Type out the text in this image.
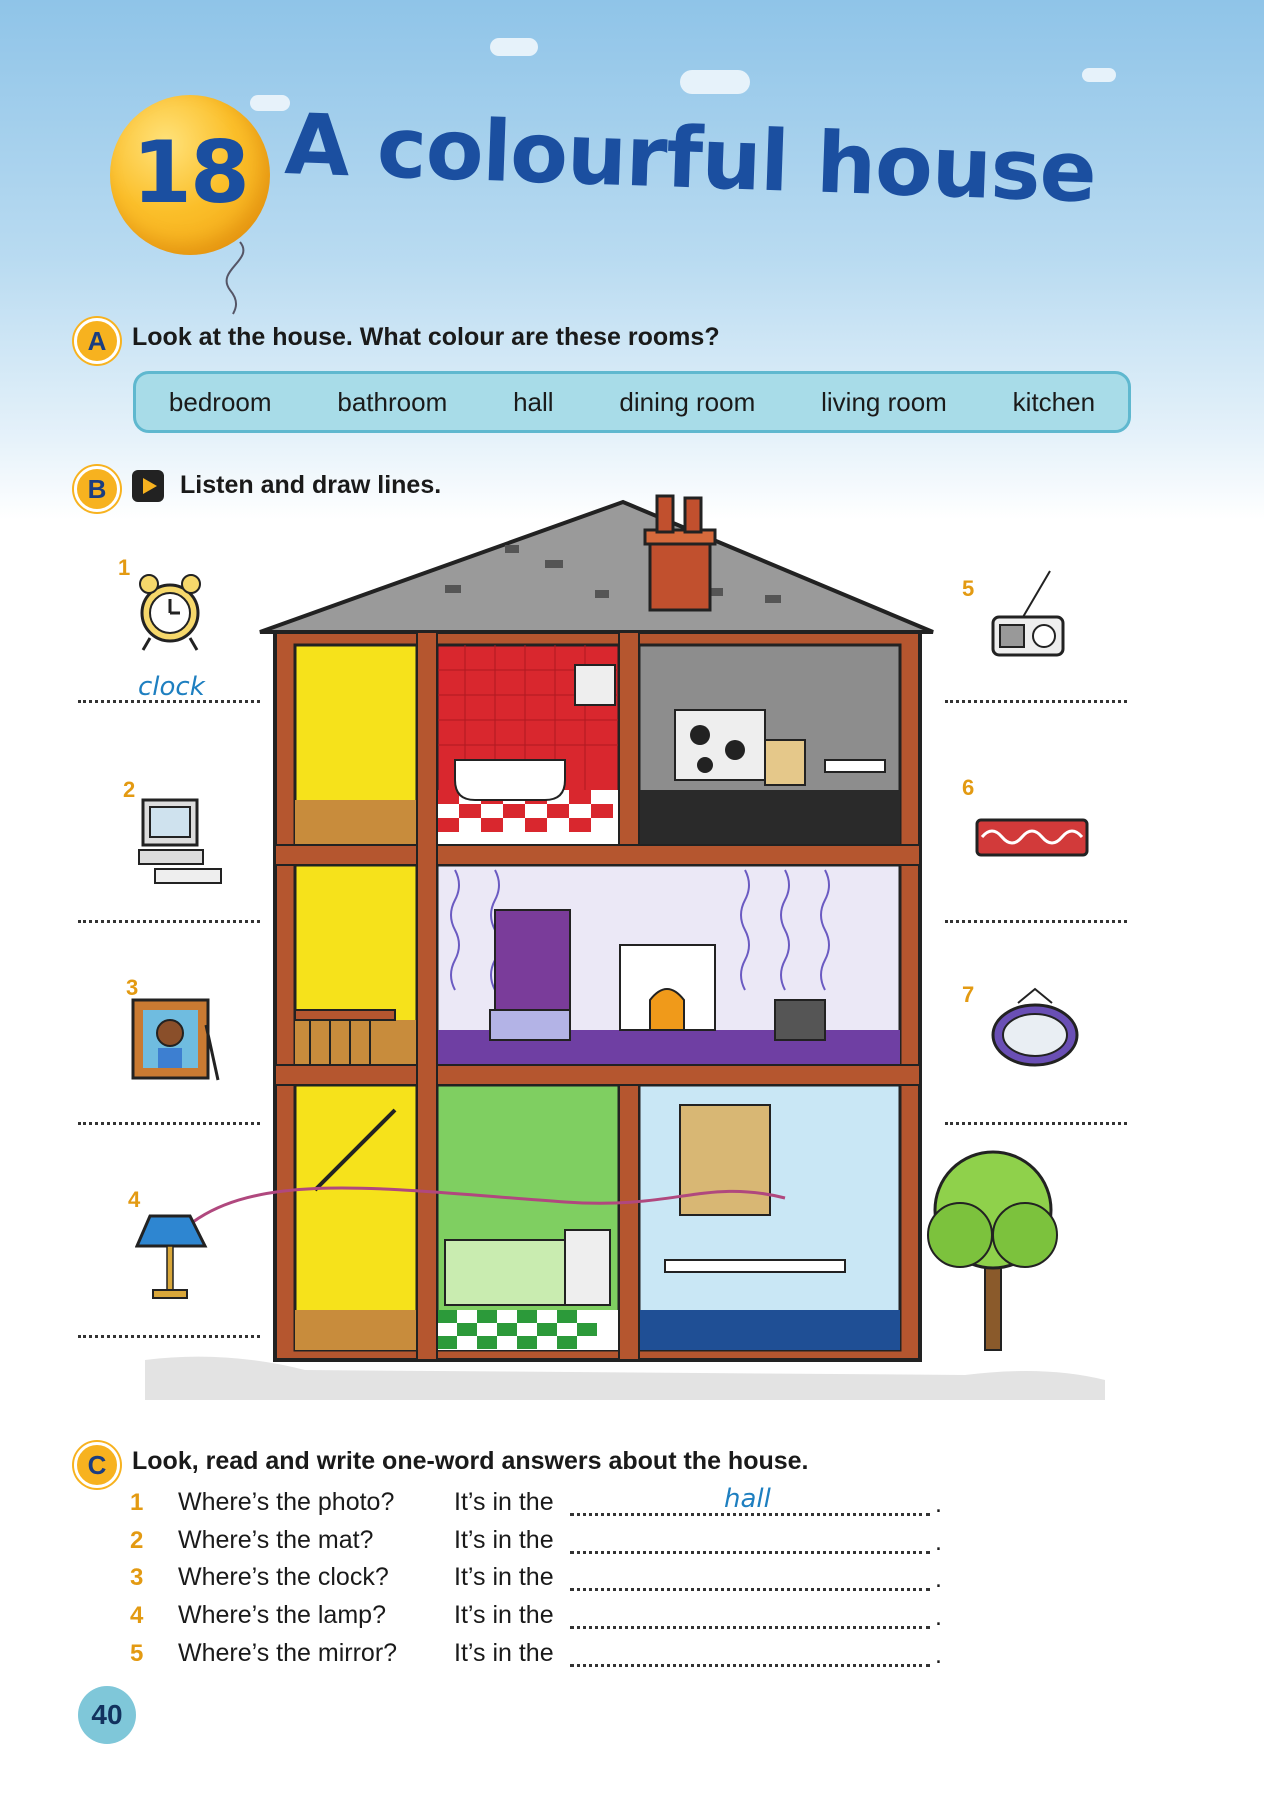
18 A colourful house
A	Look at the house. What colour are these rooms?
bedroom	bathroom	hall	dining room	living room	kitchen
B	Listen and draw lines.
1
clock
2
3
4
5
6
7
C	Look, read and write one-word answers about the house.
1 Where’s the photo? It’s in the	hall	.
2 Where’s the mat?	It’s in the	.
3 Where’s the clock?	It’s in the	.
4 Where’s the lamp?	It’s in the	.
5 Where’s the mirror? It’s in the	.
40
